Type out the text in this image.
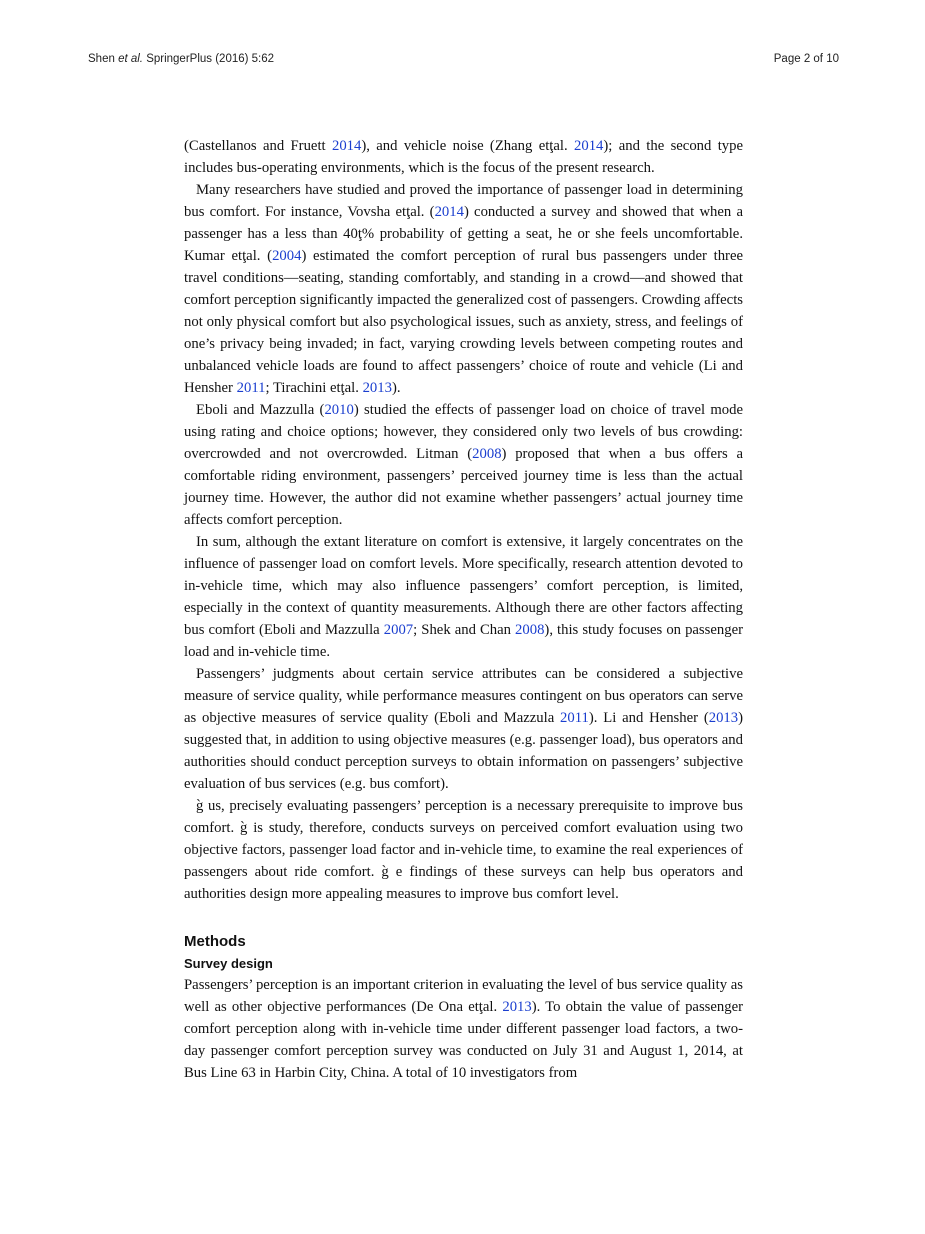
Shen et al. SpringerPlus (2016) 5:62	Page 2 of 10

(Castellanos and Fruett 2014), and vehicle noise (Zhang etţal. 2014); and the second type includes bus-operating environments, which is the focus of the present research.

Many researchers have studied and proved the importance of passenger load in determining bus comfort. For instance, Vovsha etţal. (2014) conducted a survey and showed that when a passenger has a less than 40ţ% probability of getting a seat, he or she feels uncomfortable. Kumar etţal. (2004) estimated the comfort perception of rural bus passengers under three travel conditions—seating, standing comfortably, and standing in a crowd—and showed that comfort perception significantly impacted the generalized cost of passengers. Crowding affects not only physical comfort but also psychological issues, such as anxiety, stress, and feelings of one’s privacy being invaded; in fact, varying crowding levels between competing routes and unbalanced vehicle loads are found to affect passengers’ choice of route and vehicle (Li and Hensher 2011; Tirachini etţal. 2013).

Eboli and Mazzulla (2010) studied the effects of passenger load on choice of travel mode using rating and choice options; however, they considered only two levels of bus crowding: overcrowded and not overcrowded. Litman (2008) proposed that when a bus offers a comfortable riding environment, passengers’ perceived journey time is less than the actual journey time. However, the author did not examine whether passengers’ actual journey time affects comfort perception.

In sum, although the extant literature on comfort is extensive, it largely concentrates on the influence of passenger load on comfort levels. More specifically, research attention devoted to in-vehicle time, which may also influence passengers’ comfort perception, is limited, especially in the context of quantity measurements. Although there are other factors affecting bus comfort (Eboli and Mazzulla 2007; Shek and Chan 2008), this study focuses on passenger load and in-vehicle time.

Passengers’ judgments about certain service attributes can be considered a subjective measure of service quality, while performance measures contingent on bus operators can serve as objective measures of service quality (Eboli and Mazzula 2011). Li and Hensher (2013) suggested that, in addition to using objective measures (e.g. passenger load), bus operators and authorities should conduct perception surveys to obtain information on passengers’ subjective evaluation of bus services (e.g. bus comfort).

g̀ us, precisely evaluating passengers’ perception is a necessary prerequisite to improve bus comfort. g̀ is study, therefore, conducts surveys on perceived comfort evaluation using two objective factors, passenger load factor and in-vehicle time, to examine the real experiences of passengers about ride comfort. g̀ e findings of these surveys can help bus operators and authorities design more appealing measures to improve bus comfort level.

Methods
Survey design

Passengers’ perception is an important criterion in evaluating the level of bus service quality as well as other objective performances (De Ona etţal. 2013). To obtain the value of passenger comfort perception along with in-vehicle time under different passenger load factors, a two-day passenger comfort perception survey was conducted on July 31 and August 1, 2014, at Bus Line 63 in Harbin City, China. A total of 10 investigators from
